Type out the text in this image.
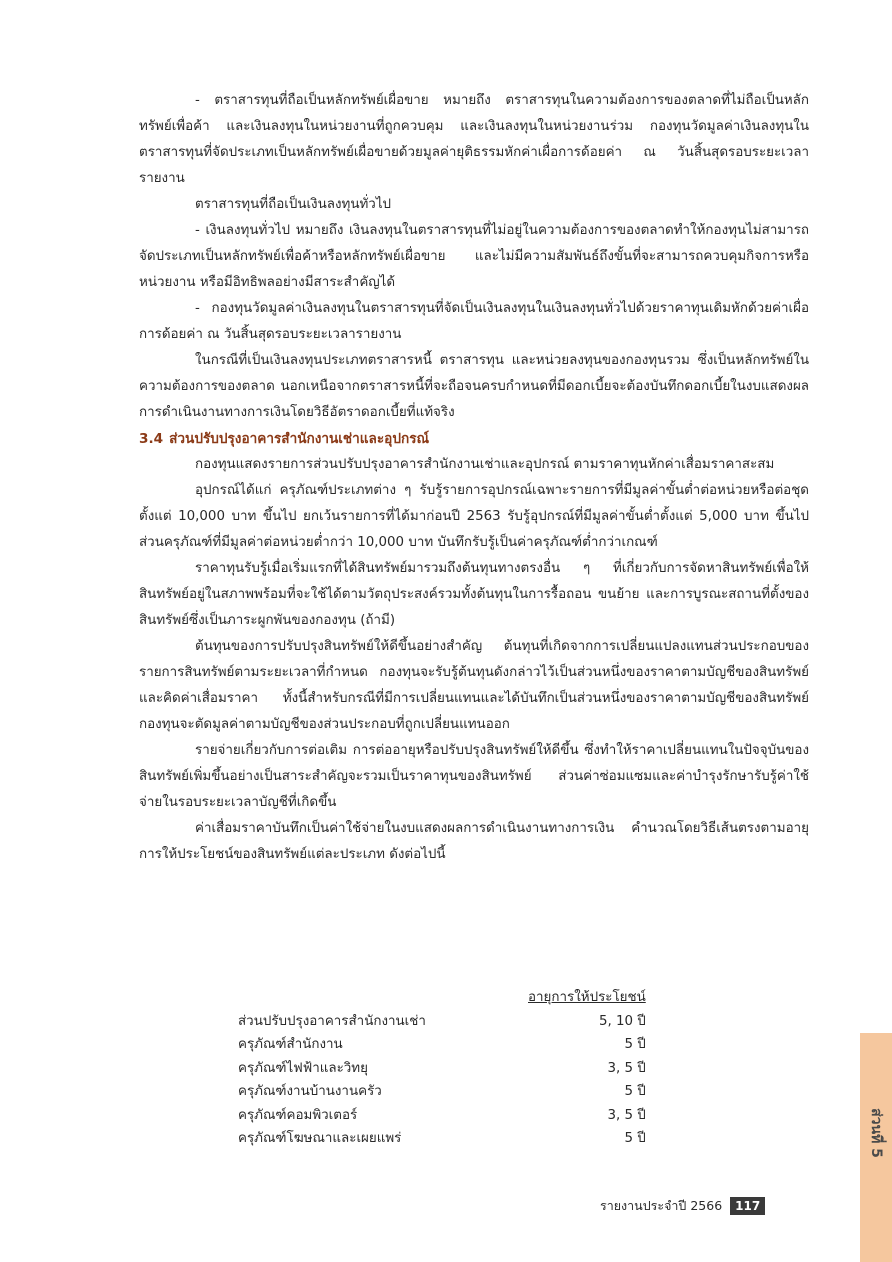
- ตราสารทุนที่ถือเป็นหลักทรัพย์เผื่อขาย หมายถึง ตราสารทุนในความต้องการของตลาดที่ไม่ถือเป็นหลักทรัพย์เพื่อค้า และเงินลงทุนในหน่วยงานที่ถูกควบคุม และเงินลงทุนในหน่วยงานร่วม กองทุนวัดมูลค่าเงินลงทุนในตราสารทุนที่จัดประเภทเป็นหลักทรัพย์เผื่อขายด้วยมูลค่ายุติธรรมหักค่าเผื่อการด้อยค่า ณ วันสิ้นสุดรอบระยะเวลารายงาน

ตราสารทุนที่ถือเป็นเงินลงทุนทั่วไป

- เงินลงทุนทั่วไป หมายถึง เงินลงทุนในตราสารทุนที่ไม่อยู่ในความต้องการของตลาดทำให้กองทุนไม่สามารถจัดประเภทเป็นหลักทรัพย์เพื่อค้าหรือหลักทรัพย์เผื่อขาย และไม่มีความสัมพันธ์ถึงขั้นที่จะสามารถควบคุมกิจการหรือหน่วยงาน หรือมีอิทธิพลอย่างมีสาระสำคัญได้

- กองทุนวัดมูลค่าเงินลงทุนในตราสารทุนที่จัดเป็นเงินลงทุนในเงินลงทุนทั่วไปด้วยราคาทุนเดิมหักด้วยค่าเผื่อการด้อยค่า ณ วันสิ้นสุดรอบระยะเวลารายงาน

ในกรณีที่เป็นเงินลงทุนประเภทตราสารหนี้ ตราสารทุน และหน่วยลงทุนของกองทุนรวม ซึ่งเป็นหลักทรัพย์ในความต้องการของตลาด นอกเหนือจากตราสารหนี้ที่จะถือจนครบกำหนดที่มีดอกเบี้ยจะต้องบันทึกดอกเบี้ยในงบแสดงผลการดำเนินงานทางการเงินโดยวิธีอัตราดอกเบี้ยที่แท้จริง

3.4 ส่วนปรับปรุงอาคารสำนักงานเช่าและอุปกรณ์

กองทุนแสดงรายการส่วนปรับปรุงอาคารสำนักงานเช่าและอุปกรณ์ ตามราคาทุนหักค่าเสื่อมราคาสะสม

อุปกรณ์ได้แก่ ครุภัณฑ์ประเภทต่าง ๆ รับรู้รายการอุปกรณ์เฉพาะรายการที่มีมูลค่าขั้นต่ำต่อหน่วยหรือต่อชุด ตั้งแต่ 10,000 บาท ขึ้นไป ยกเว้นรายการที่ได้มาก่อนปี 2563 รับรู้อุปกรณ์ที่มีมูลค่าขั้นต่ำตั้งแต่ 5,000 บาท ขึ้นไป ส่วนครุภัณฑ์ที่มีมูลค่าต่อหน่วยต่ำกว่า 10,000 บาท บันทึกรับรู้เป็นค่าครุภัณฑ์ต่ำกว่าเกณฑ์

ราคาทุนรับรู้เมื่อเริ่มแรกที่ได้สินทรัพย์มารวมถึงต้นทุนทางตรงอื่น ๆ ที่เกี่ยวกับการจัดหาสินทรัพย์เพื่อให้สินทรัพย์อยู่ในสภาพพร้อมที่จะใช้ได้ตามวัตถุประสงค์รวมทั้งต้นทุนในการรื้อถอน ขนย้าย และการบูรณะสถานที่ตั้งของสินทรัพย์ซึ่งเป็นภาระผูกพันของกองทุน (ถ้ามี)

ต้นทุนของการปรับปรุงสินทรัพย์ให้ดีขึ้นอย่างสำคัญ ต้นทุนที่เกิดจากการเปลี่ยนแปลงแทนส่วนประกอบของรายการสินทรัพย์ตามระยะเวลาที่กำหนด กองทุนจะรับรู้ต้นทุนดังกล่าวไว้เป็นส่วนหนึ่งของราคาตามบัญชีของสินทรัพย์และคิดค่าเสื่อมราคา ทั้งนี้สำหรับกรณีที่มีการเปลี่ยนแทนและได้บันทึกเป็นส่วนหนึ่งของราคาตามบัญชีของสินทรัพย์ กองทุนจะตัดมูลค่าตามบัญชีของส่วนประกอบที่ถูกเปลี่ยนแทนออก

รายจ่ายเกี่ยวกับการต่อเติม การต่ออายุหรือปรับปรุงสินทรัพย์ให้ดีขึ้น ซึ่งทำให้ราคาเปลี่ยนแทนในปัจจุบันของสินทรัพย์เพิ่มขึ้นอย่างเป็นสาระสำคัญจะรวมเป็นราคาทุนของสินทรัพย์ ส่วนค่าซ่อมแซมและค่าบำรุงรักษารับรู้ค่าใช้จ่ายในรอบระยะเวลาบัญชีที่เกิดขึ้น

ค่าเสื่อมราคาบันทึกเป็นค่าใช้จ่ายในงบแสดงผลการดำเนินงานทางการเงิน คำนวณโดยวิธีเส้นตรงตามอายุการให้ประโยชน์ของสินทรัพย์แต่ละประเภท ดังต่อไปนี้

	อายุการให้ประโยชน์
ส่วนปรับปรุงอาคารสำนักงานเช่า	5, 10 ปี
ครุภัณฑ์สำนักงาน	5 ปี
ครุภัณฑ์ไฟฟ้าและวิทยุ	3, 5 ปี
ครุภัณฑ์งานบ้านงานครัว	5 ปี
ครุภัณฑ์คอมพิวเตอร์	3, 5 ปี
ครุภัณฑ์โฆษณาและเผยแพร่	5 ปี
รายงานประจำปี 2566	117
ส่วนที่ 5
